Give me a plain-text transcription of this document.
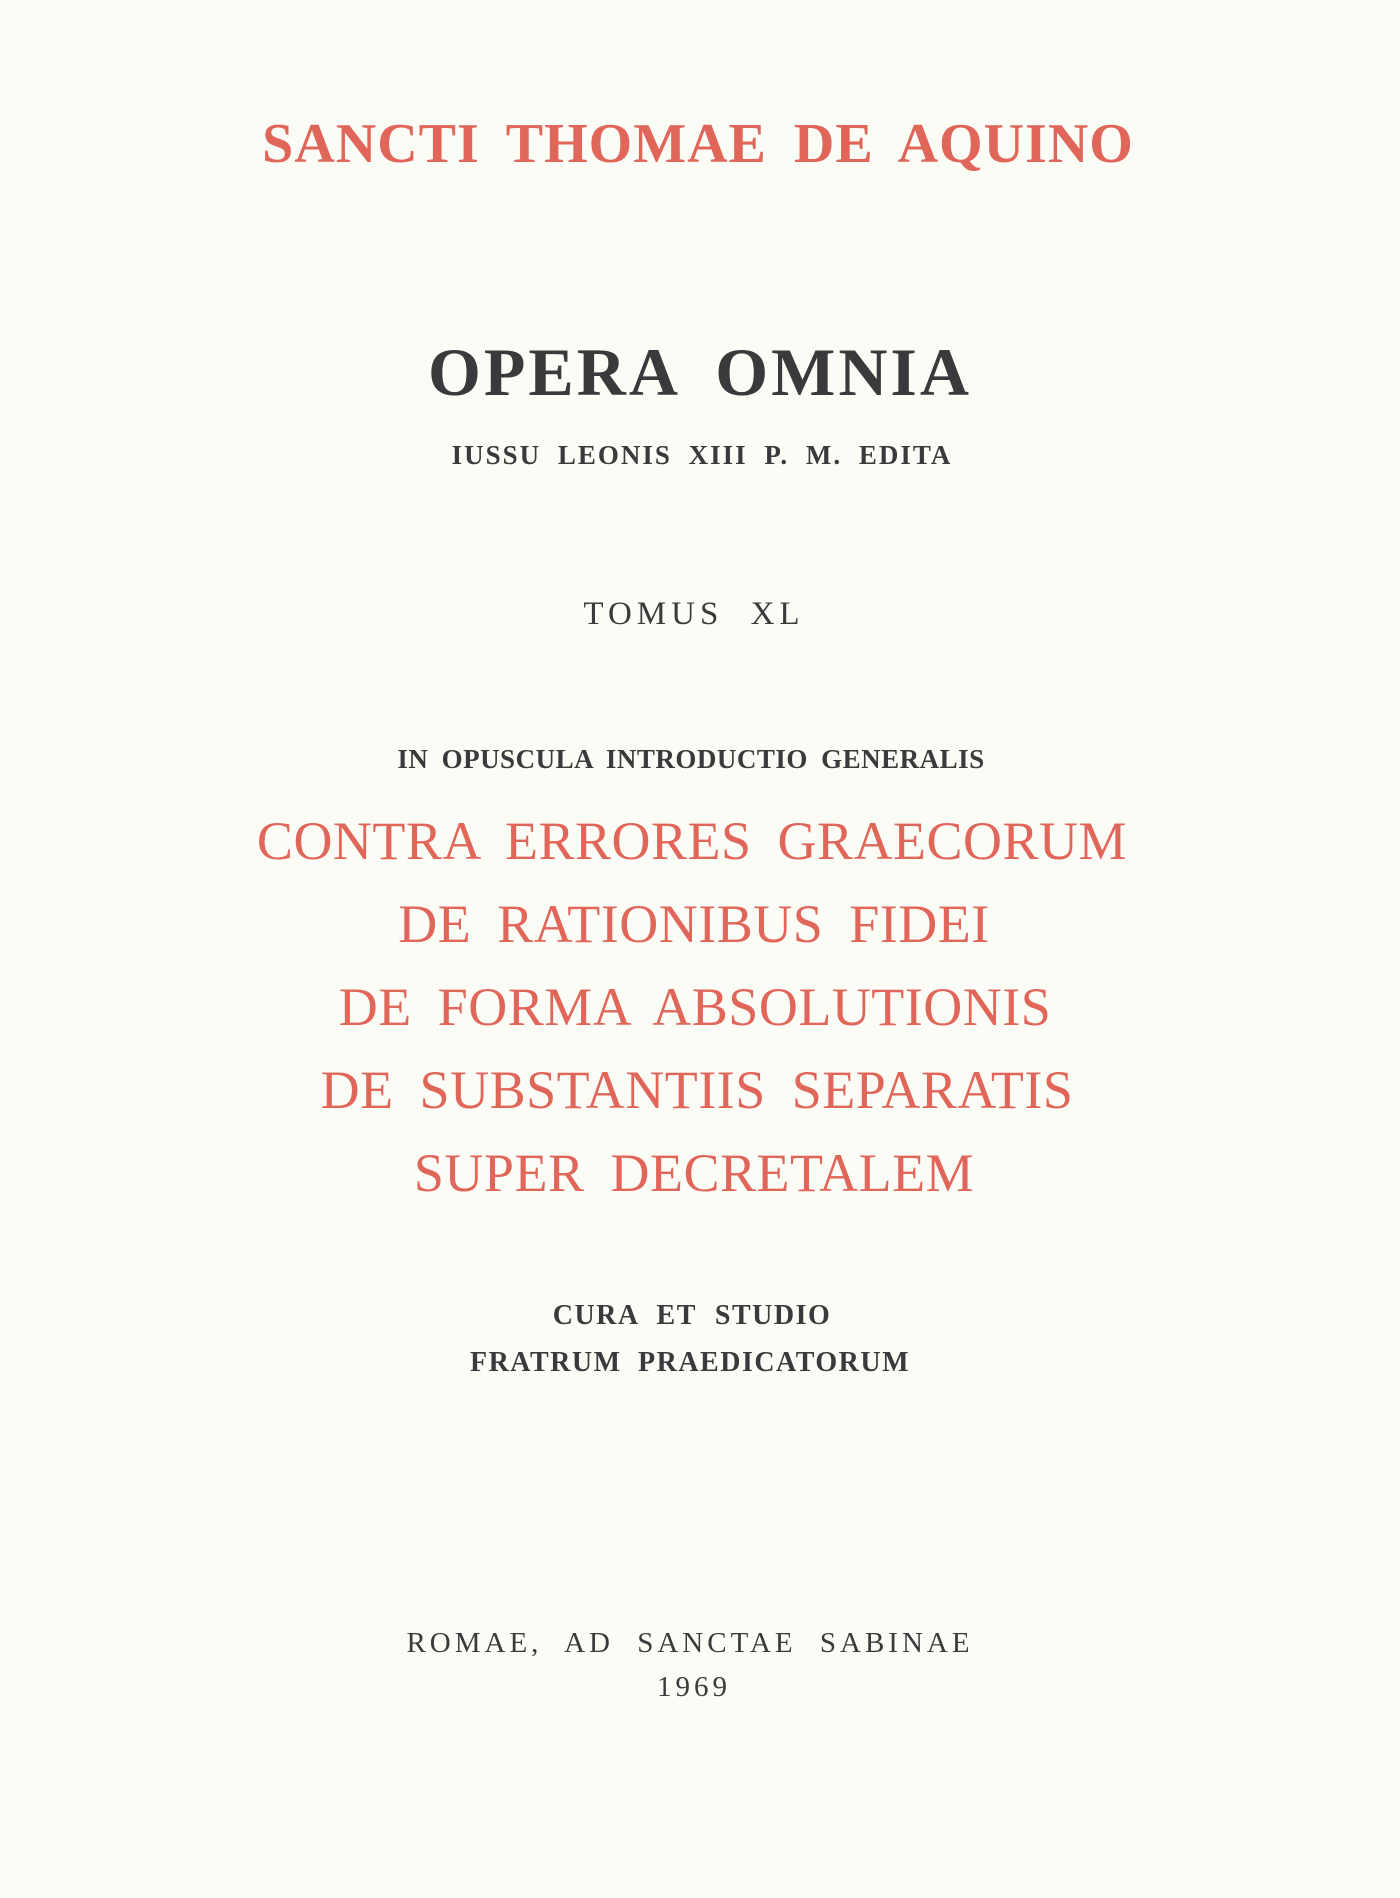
SANCTI THOMAE DE AQUINO
OPERA OMNIA

IUSSU LEONIS XIII P. M. EDITA

TOMUS XL

IN OPUSCULA INTRODUCTIO GENERALIS

CONTRA ERRORES GRAECORUM

DE RATIONIBUS FIDEI

DE FORMA ABSOLUTIONIS

DE SUBSTANTIIS SEPARATIS

SUPER DECRETALEM

CURA ET STUDIO

FRATRUM PRAEDICATORUM

ROMAE, AD SANCTAE SABINAE

1969
